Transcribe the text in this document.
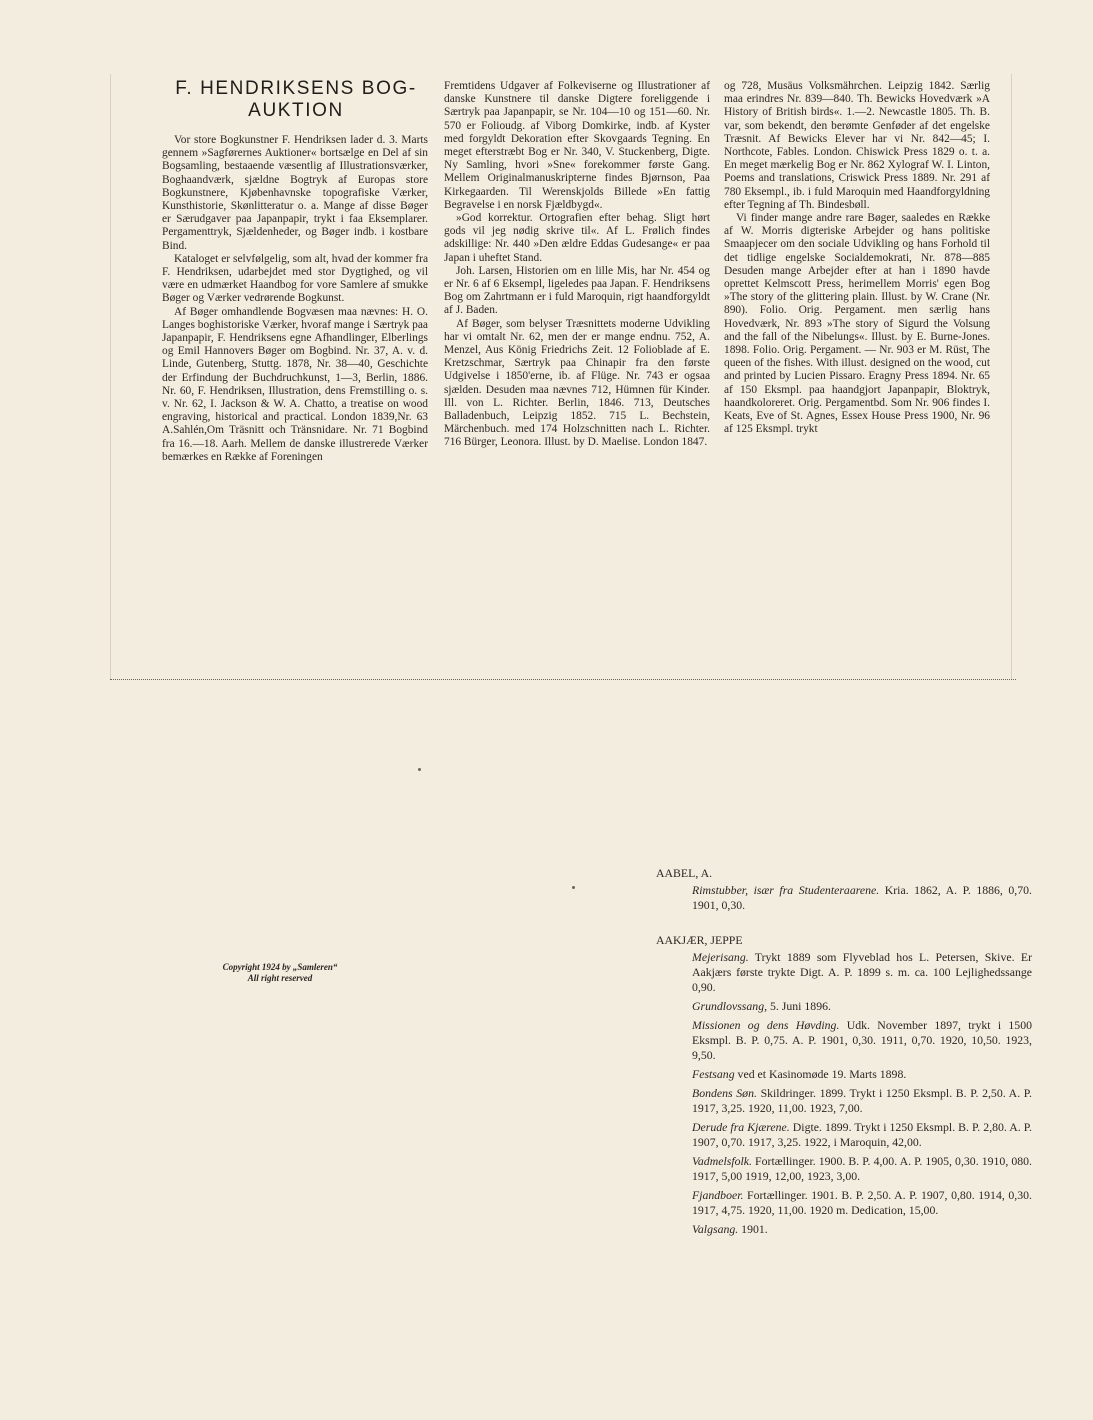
F. HENDRIKSENS BOG-
AUKTION

Vor store Bogkunstner F. Hendriksen lader d. 3. Marts gennem »Sagførernes Auktioner« bortsælge en Del af sin Bogsamling, bestaaende væsentlig af Illustrationsværker, Boghaandværk, sjældne Bogtryk af Europas store Bogkunstnere, Kjøbenhavnske topografiske Værker, Kunsthistorie, Skønlitteratur o. a. Mange af disse Bøger er Særudgaver paa Japanpapir, trykt i faa Eksemplarer. Pergamenttryk, Sjældenheder, og Bøger indb. i kostbare Bind.

Kataloget er selvfølgelig, som alt, hvad der kommer fra F. Hendriksen, udarbejdet med stor Dygtighed, og vil være en udmærket Haandbog for vore Samlere af smukke Bøger og Værker vedrørende Bogkunst.

Af Bøger omhandlende Bogvæsen maa nævnes: H. O. Langes boghistoriske Værker, hvoraf mange i Særtryk paa Japanpapir, F. Hendriksens egne Afhandlinger, Elberlings og Emil Hannovers Bøger om Bogbind. Nr. 37, A. v. d. Linde, Gutenberg, Stuttg. 1878, Nr. 38—40, Geschichte der Erfindung der Buchdruchkunst, 1—3, Berlin, 1886. Nr. 60, F. Hendriksen, Illustration, dens Fremstilling o. s. v. Nr. 62, I. Jackson & W. A. Chatto, a treatise on wood engraving, historical and practical. London 1839,Nr. 63 A.Sahlén,Om Träsnitt och Tränsnidare. Nr. 71 Bogbind fra 16.—18. Aarh. Mellem de danske illustrerede Værker bemærkes en Række af Foreningen

Fremtidens Udgaver af Folkeviserne og Illustrationer af danske Kunstnere til danske Digtere foreliggende i Særtryk paa Japanpapir, se Nr. 104—10 og 151—60. Nr. 570 er Folioudg. af Viborg Domkirke, indb. af Kyster med forgyldt Dekoration efter Skovgaards Tegning. En meget efterstræbt Bog er Nr. 340, V. Stuckenberg, Digte. Ny Samling, hvori »Sne« forekommer første Gang. Mellem Originalmanuskripterne findes Bjørnson, Paa Kirkegaarden. Til Werenskjolds Billede »En fattig Begravelse i en norsk Fjældbygd«.

»God korrektur. Ortografien efter behag. Sligt hørt gods vil jeg nødig skrive til«. Af L. Frølich findes adskillige: Nr. 440 »Den ældre Eddas Gudesange« er paa Japan i uheftet Stand.

Joh. Larsen, Historien om en lille Mis, har Nr. 454 og er Nr. 6 af 6 Eksempl, ligeledes paa Japan. F. Hendriksens Bog om Zahrtmann er i fuld Maroquin, rigt haandforgyldt af J. Baden.

Af Bøger, som belyser Træsnittets moderne Udvikling har vi omtalt Nr. 62, men der er mange endnu. 752, A. Menzel, Aus König Friedrichs Zeit. 12 Folioblade af E. Kretzschmar, Særtryk paa Chinapir fra den første Udgivelse i 1850'erne, ib. af Flüge. Nr. 743 er ogsaa sjælden. Desuden maa nævnes 712, Hümnen für Kinder. Ill. von L. Richter. Berlin, 1846. 713, Deutsches Balladenbuch, Leipzig 1852. 715 L. Bechstein, Märchenbuch. med 174 Holzschnitten nach L. Richter. 716 Bürger, Leonora. Illust. by D. Maelise. London 1847.

og 728, Musäus Volksmährchen. Leipzig 1842. Særlig maa erindres Nr. 839—840. Th. Bewicks Hovedværk »A History of British birds«. 1.—2. Newcastle 1805. Th. B. var, som bekendt, den berømte Genføder af det engelske Træsnit. Af Bewicks Elever har vi Nr. 842—45; I. Northcote, Fables. London. Chiswick Press 1829 o. t. a. En meget mærkelig Bog er Nr. 862 Xylograf W. I. Linton, Poems and translations, Criswick Press 1889. Nr. 291 af 780 Eksempl., ib. i fuld Maroquin med Haandforgyldning efter Tegning af Th. Bindesbøll.

Vi finder mange andre rare Bøger, saaledes en Række af W. Morris digteriske Arbejder og hans politiske Smaapjecer om den sociale Udvikling og hans Forhold til det tidlige engelske Socialdemokrati, Nr. 878—885 Desuden mange Arbejder efter at han i 1890 havde oprettet Kelmscott Press, herimellem Morris' egen Bog »The story of the glittering plain. Illust. by W. Crane (Nr. 890). Folio. Orig. Pergament. men særlig hans Hovedværk, Nr. 893 »The story of Sigurd the Volsung and the fall of the Nibelungs«. Illust. by E. Burne-Jones. 1898. Folio. Orig. Pergament. — Nr. 903 er M. Rüst, The queen of the fishes. With illust. designed on the wood, cut and printed by Lucien Pissaro. Eragny Press 1894. Nr. 65 af 150 Eksmpl. paa haandgjort Japanpapir, Bloktryk, haandkoloreret. Orig. Pergamentbd. Som Nr. 906 findes I. Keats, Eve of St. Agnes, Essex House Press 1900, Nr. 96 af 125 Eksmpl. trykt

Copyright 1924 by „Samleren“
All right reserved

AABEL, A.

Rimstubber, især fra Studenteraarene. Kria. 1862, A. P. 1886, 0,70. 1901, 0,30.

AAKJÆR, JEPPE

Mejerisang. Trykt 1889 som Flyveblad hos L. Petersen, Skive. Er Aakjærs første trykte Digt. A. P. 1899 s. m. ca. 100 Lejlighedssange 0,90.

Grundlovssang, 5. Juni 1896.

Missionen og dens Høvding. Udk. November 1897, trykt i 1500 Eksmpl. B. P. 0,75. A. P. 1901, 0,30. 1911, 0,70. 1920, 10,50. 1923, 9,50.

Festsang ved et Kasinomøde 19. Marts 1898.

Bondens Søn. Skildringer. 1899. Trykt i 1250 Eksmpl. B. P. 2,50. A. P. 1917, 3,25. 1920, 11,00. 1923, 7,00.

Derude fra Kjærene. Digte. 1899. Trykt i 1250 Eksmpl. B. P. 2,80. A. P. 1907, 0,70. 1917, 3,25. 1922, i Maroquin, 42,00.

Vadmelsfolk. Fortællinger. 1900. B. P. 4,00. A. P. 1905, 0,30. 1910, 080. 1917, 5,00 1919, 12,00, 1923, 3,00.

Fjandboer. Fortællinger. 1901. B. P. 2,50. A. P. 1907, 0,80. 1914, 0,30. 1917, 4,75. 1920, 11,00. 1920 m. Dedication, 15,00.

Valgsang. 1901.
